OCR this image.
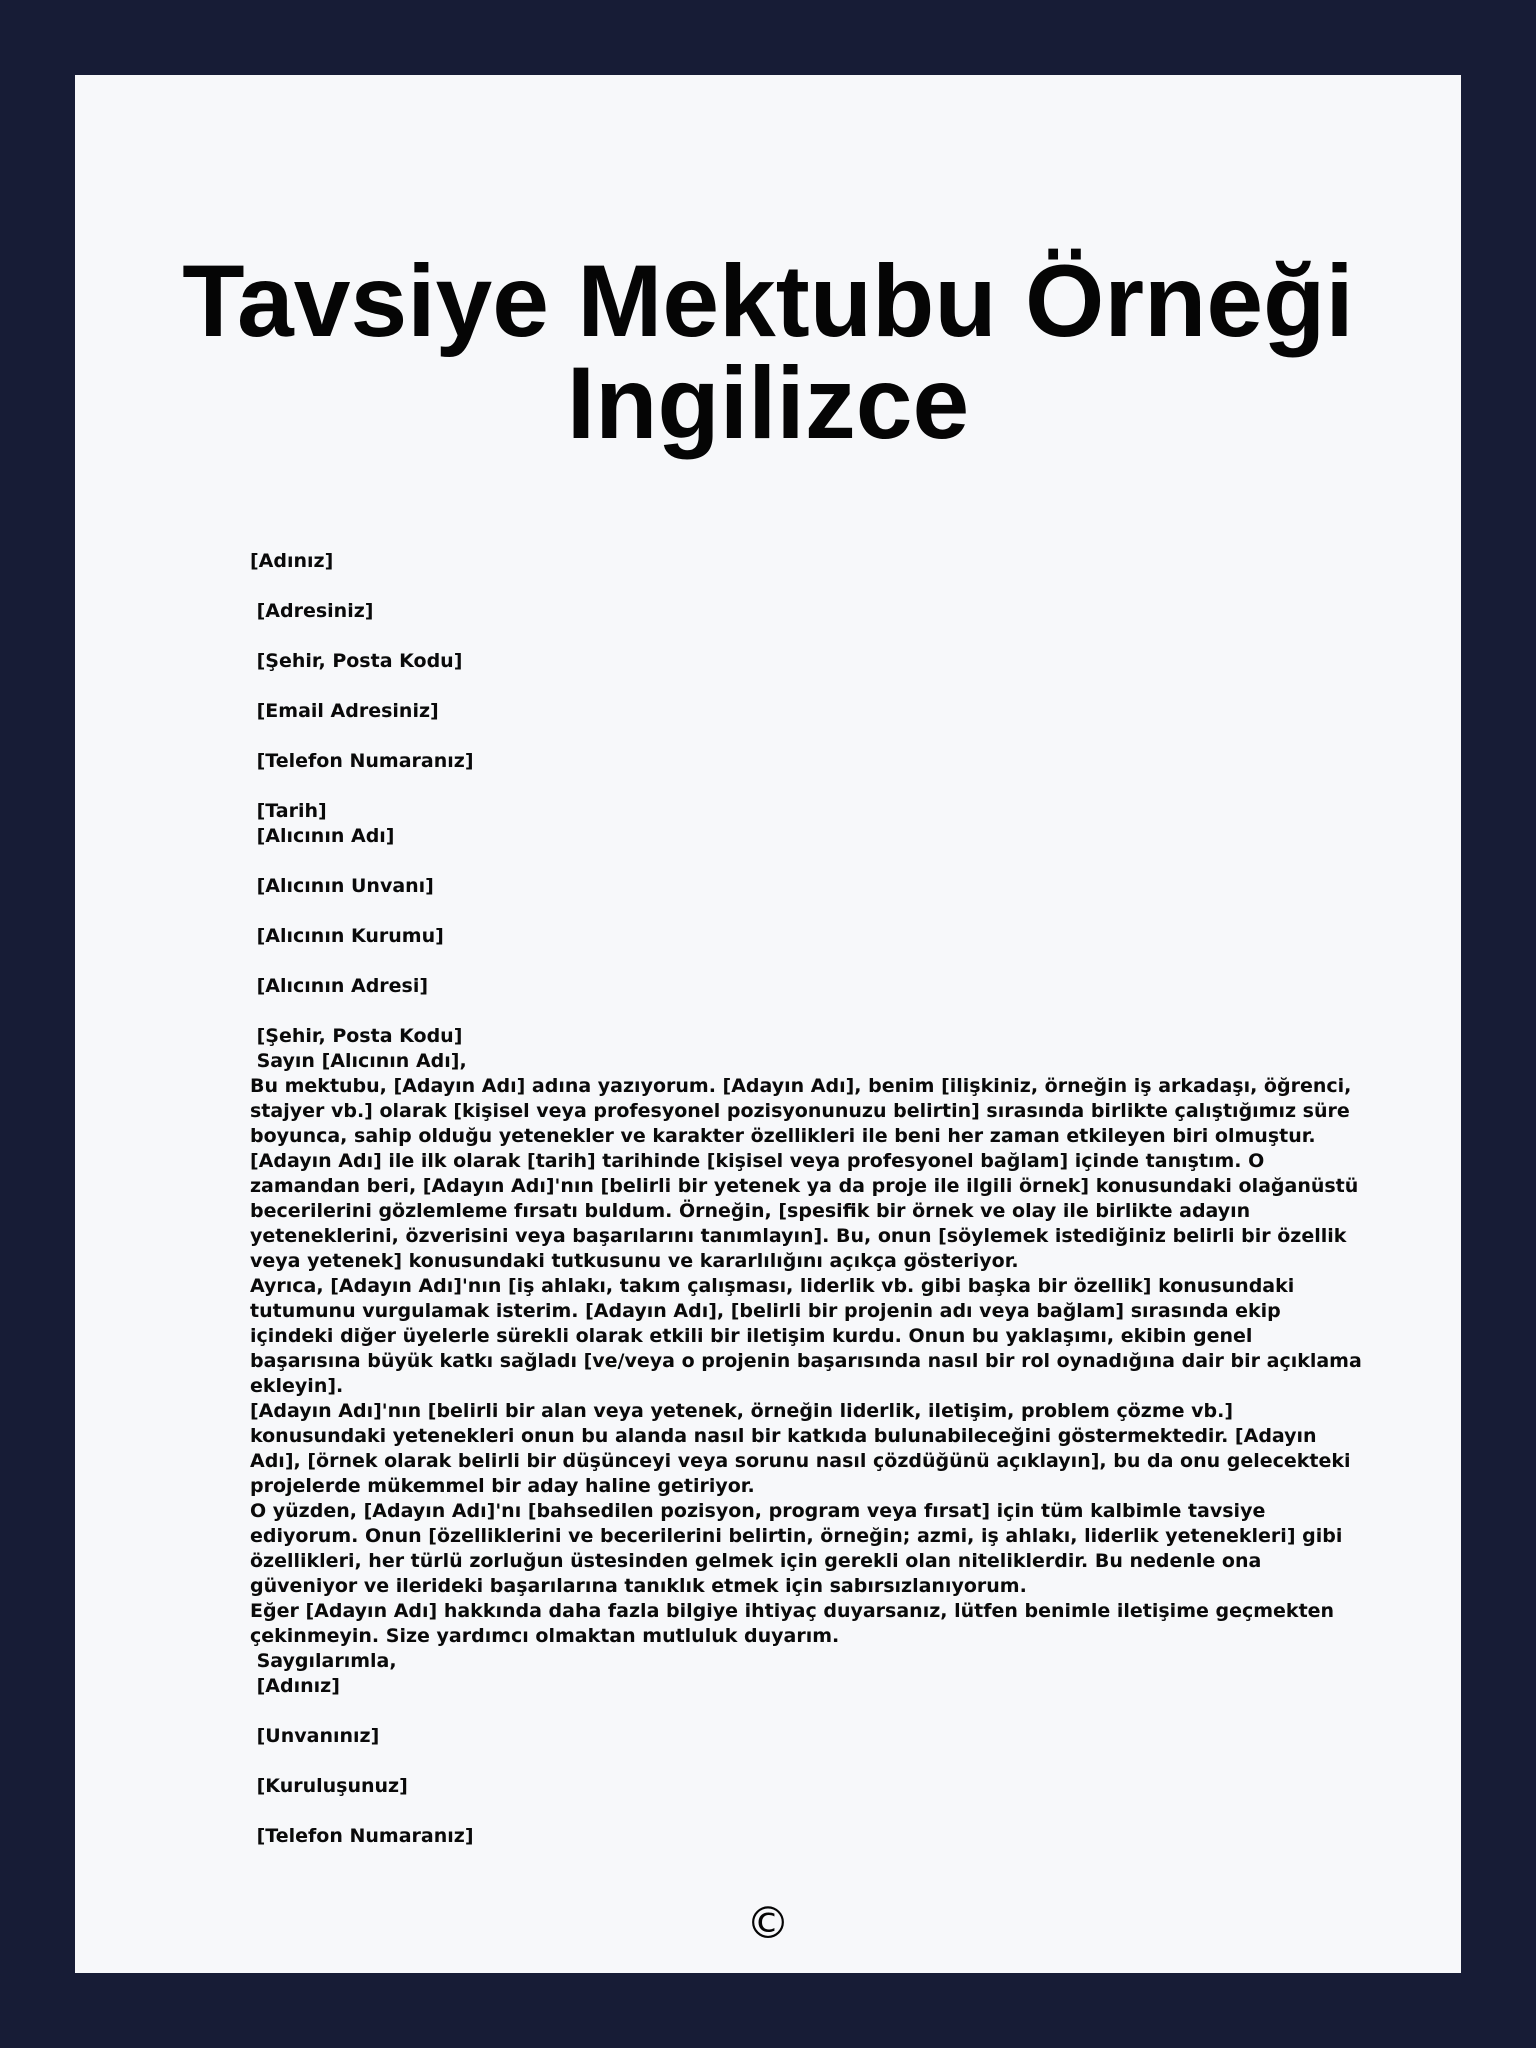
Tavsiye Mektubu Örneği
Ingilizce
[Adınız]
[Adresiniz]
[Şehir, Posta Kodu]
[Email Adresiniz]
[Telefon Numaranız]
[Tarih]
[Alıcının Adı]
[Alıcının Unvanı]
[Alıcının Kurumu]
[Alıcının Adresi]
[Şehir, Posta Kodu]
Sayın [Alıcının Adı],

Bu mektubu, [Adayın Adı] adına yazıyorum. [Adayın Adı], benim [ilişkiniz, örneğin iş arkadaşı, öğrenci, stajyer vb.] olarak [kişisel veya profesyonel pozisyonunuzu belirtin] sırasında birlikte çalıştığımız süre boyunca, sahip olduğu yetenekler ve karakter özellikleri ile beni her zaman etkileyen biri olmuştur.

[Adayın Adı] ile ilk olarak [tarih] tarihinde [kişisel veya profesyonel bağlam] içinde tanıştım. O zamandan beri, [Adayın Adı]'nın [belirli bir yetenek ya da proje ile ilgili örnek] konusundaki olağanüstü becerilerini gözlemleme fırsatı buldum. Örneğin, [spesifik bir örnek ve olay ile birlikte adayın yeteneklerini, özverisini veya başarılarını tanımlayın]. Bu, onun [söylemek istediğiniz belirli bir özellik veya yetenek] konusundaki tutkusunu ve kararlılığını açıkça gösteriyor.

Ayrıca, [Adayın Adı]'nın [iş ahlakı, takım çalışması, liderlik vb. gibi başka bir özellik] konusundaki tutumunu vurgulamak isterim. [Adayın Adı], [belirli bir projenin adı veya bağlam] sırasında ekip içindeki diğer üyelerle sürekli olarak etkili bir iletişim kurdu. Onun bu yaklaşımı, ekibin genel başarısına büyük katkı sağladı [ve/veya o projenin başarısında nasıl bir rol oynadığına dair bir açıklama ekleyin].

[Adayın Adı]'nın [belirli bir alan veya yetenek, örneğin liderlik, iletişim, problem çözme vb.] konusundaki yetenekleri onun bu alanda nasıl bir katkıda bulunabileceğini göstermektedir. [Adayın Adı], [örnek olarak belirli bir düşünceyi veya sorunu nasıl çözdüğünü açıklayın], bu da onu gelecekteki projelerde mükemmel bir aday haline getiriyor.

O yüzden, [Adayın Adı]'nı [bahsedilen pozisyon, program veya fırsat] için tüm kalbimle tavsiye ediyorum. Onun [özelliklerini ve becerilerini belirtin, örneğin; azmi, iş ahlakı, liderlik yetenekleri] gibi özellikleri, her türlü zorluğun üstesinden gelmek için gerekli olan niteliklerdir. Bu nedenle ona güveniyor ve ilerideki başarılarına tanıklık etmek için sabırsızlanıyorum.

Eğer [Adayın Adı] hakkında daha fazla bilgiye ihtiyaç duyarsanız, lütfen benimle iletişime geçmekten çekinmeyin. Size yardımcı olmaktan mutluluk duyarım.

Saygılarımla,
[Adınız]
[Unvanınız]
[Kuruluşunuz]
[Telefon Numaranız]
©
